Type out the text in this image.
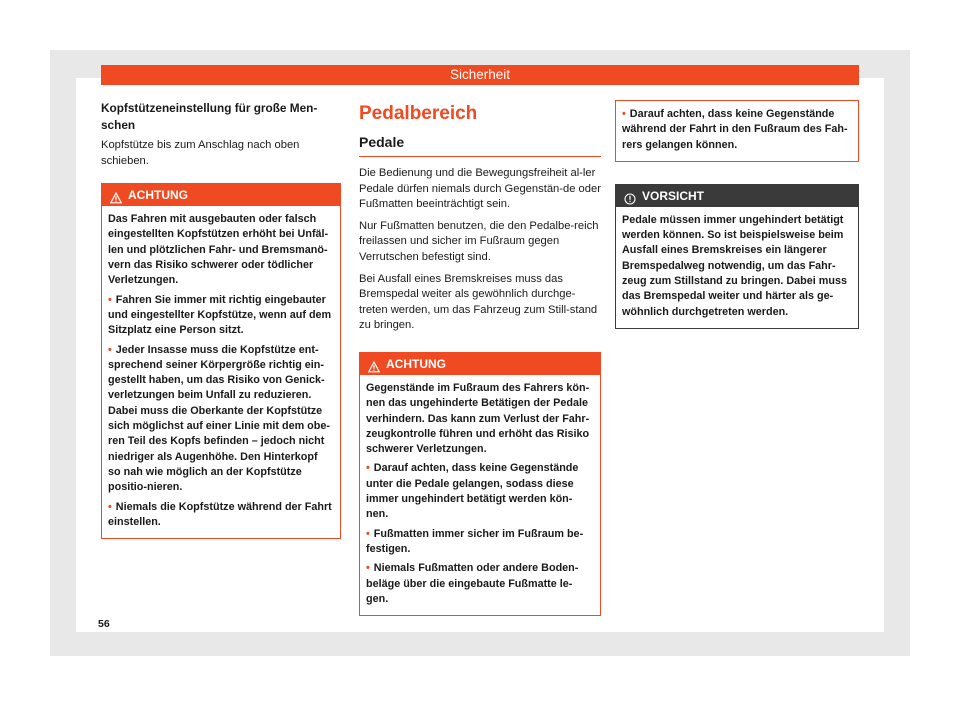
Sicherheit
Kopfstützeneinstellung für große Men-
schen

Kopfstütze bis zum Anschlag nach oben schieben.

ACHTUNG

Das Fahren mit ausgebauten oder falsch eingestellten Kopfstützen erhöht bei Unfäl-len und plötzlichen Fahr- und Bremsmanö-vern das Risiko schwerer oder tödlicher Verletzungen.

• Fahren Sie immer mit richtig eingebauter und eingestellter Kopfstütze, wenn auf dem Sitzplatz eine Person sitzt.

• Jeder Insasse muss die Kopfstütze ent-sprechend seiner Körpergröße richtig ein-gestellt haben, um das Risiko von Genick-verletzungen beim Unfall zu reduzieren. Dabei muss die Oberkante der Kopfstütze sich möglichst auf einer Linie mit dem obe-ren Teil des Kopfs befinden – jedoch nicht niedriger als Augenhöhe. Den Hinterkopf so nah wie möglich an der Kopfstütze positio-nieren.

• Niemals die Kopfstütze während der Fahrt einstellen.

Pedalbereich
Pedale

Die Bedienung und die Bewegungsfreiheit al-ler Pedale dürfen niemals durch Gegenstän-de oder Fußmatten beeinträchtigt sein.

Nur Fußmatten benutzen, die den Pedalbe-reich freilassen und sicher im Fußraum gegen Verrutschen befestigt sind.

Bei Ausfall eines Bremskreises muss das Bremspedal weiter als gewöhnlich durchge-treten werden, um das Fahrzeug zum Still-stand zu bringen.

ACHTUNG

Gegenstände im Fußraum des Fahrers kön-nen das ungehinderte Betätigen der Pedale verhindern. Das kann zum Verlust der Fahr-zeugkontrolle führen und erhöht das Risiko schwerer Verletzungen.

• Darauf achten, dass keine Gegenstände unter die Pedale gelangen, sodass diese immer ungehindert betätigt werden kön-nen.

• Fußmatten immer sicher im Fußraum be-festigen.

• Niemals Fußmatten oder andere Boden-beläge über die eingebaute Fußmatte le-gen.

• Darauf achten, dass keine Gegenstände während der Fahrt in den Fußraum des Fah-rers gelangen können.
VORSICHT

Pedale müssen immer ungehindert betätigt werden können. So ist beispielsweise beim Ausfall eines Bremskreises ein längerer Bremspedalweg notwendig, um das Fahr-zeug zum Stillstand zu bringen. Dabei muss das Bremspedal weiter und härter als ge-wöhnlich durchgetreten werden.

56
